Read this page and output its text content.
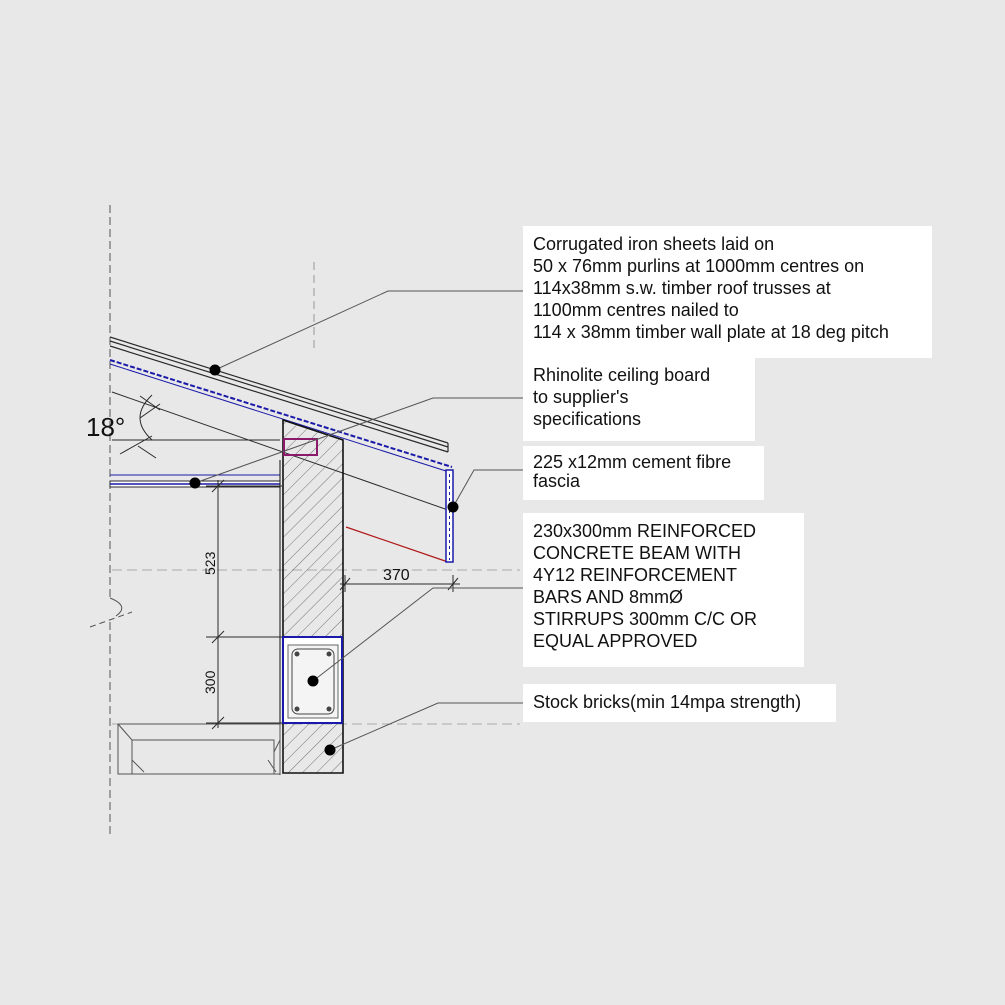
18°
523
300
370
Corrugated iron sheets laid on
50 x 76mm purlins at 1000mm centres on
114x38mm s.w. timber roof trusses at
1100mm centres nailed to
114 x 38mm timber wall plate at 18 deg pitch
Rhinolite ceiling board
to supplier's
specifications
225 x12mm cement fibre
fascia
230x300mm REINFORCED
CONCRETE BEAM WITH
4Y12 REINFORCEMENT
BARS AND 8mmØ
STIRRUPS 300mm C/C OR
EQUAL APPROVED
Stock bricks(min 14mpa strength)
